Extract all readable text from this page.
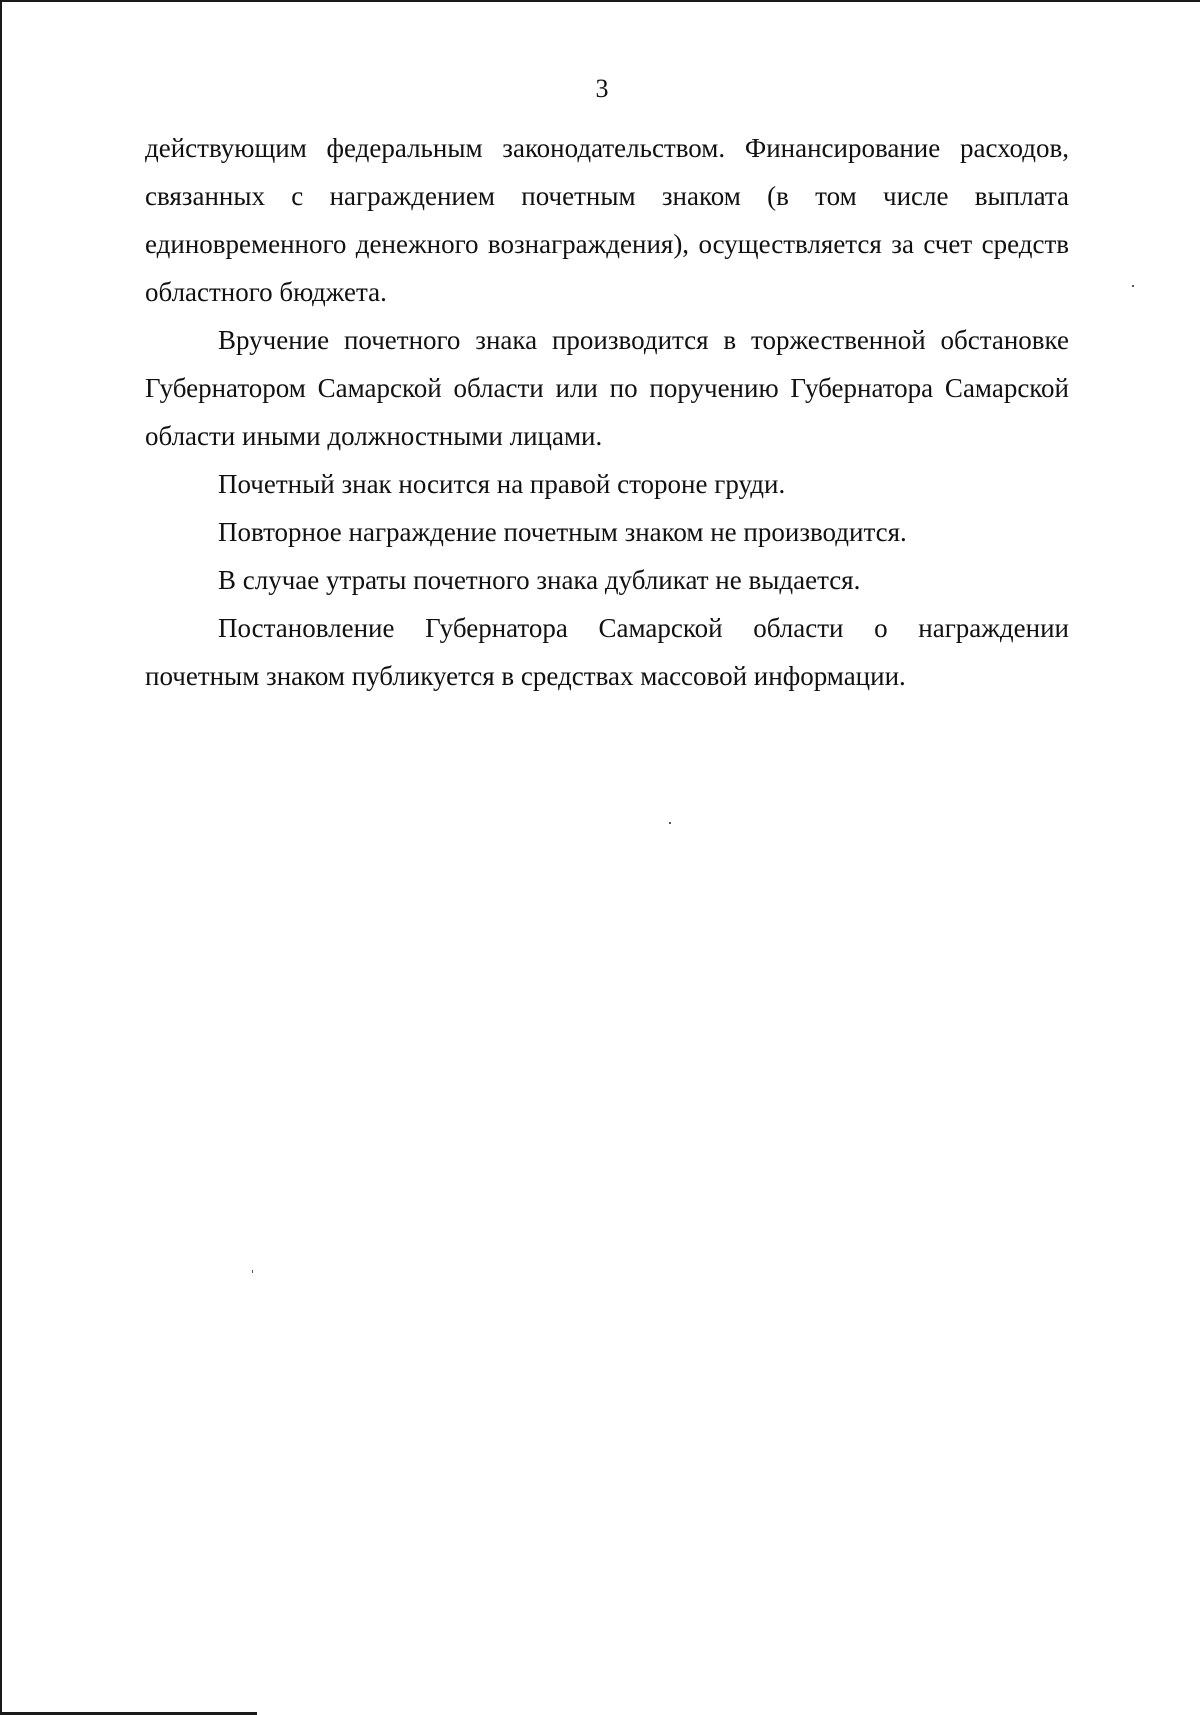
3

действующим федеральным законодательством. Финансирование расходов, связанных с награждением почетным знаком (в том числе выплата единовременного денежного вознаграждения), осуществляется за счет средств областного бюджета.

Вручение почетного знака производится в торжественной обстановке Губернатором Самарской области или по поручению Губернатора Самарской области иными должностными лицами.

Почетный знак носится на правой стороне груди.

Повторное награждение почетным знаком не производится.

В случае утраты почетного знака дубликат не выдается.

Постановление Губернатора Самарской области о награждении почетным знаком публикуется в средствах массовой информации.
